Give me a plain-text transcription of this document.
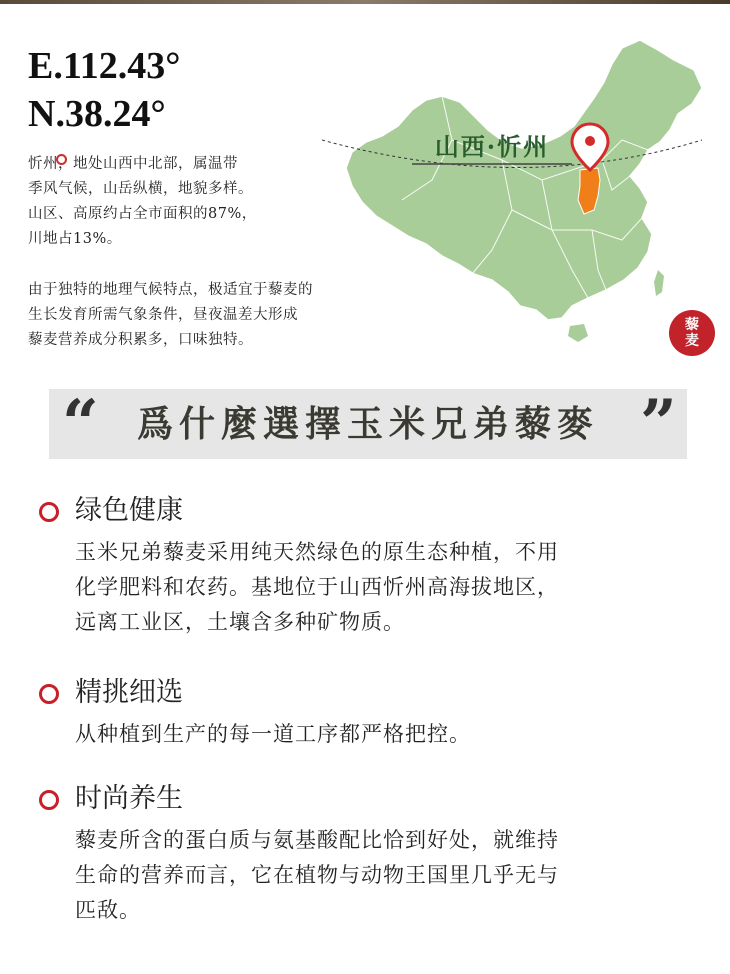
E.112.43°
N.38.24°

忻州，地处山西中北部，属温带

季风气候，山岳纵横，地貌多样。

山区、高原约占全市面积的87%，

川地占13%。

由于独特的地理气候特点，极适宜于藜麦的

生长发育所需气象条件，昼夜温差大形成

藜麦营养成分积累多，口味独特。

山西·忻州
藜
麦
爲什麼選擇玉米兄弟藜麥
“	”
绿色健康

玉米兄弟藜麦采用纯天然绿色的原生态种植，不用

化学肥料和农药。基地位于山西忻州高海拔地区，

远离工业区，土壤含多种矿物质。

精挑细选

从种植到生产的每一道工序都严格把控。

时尚养生

藜麦所含的蛋白质与氨基酸配比恰到好处，就维持

生命的营养而言，它在植物与动物王国里几乎无与

匹敌。
